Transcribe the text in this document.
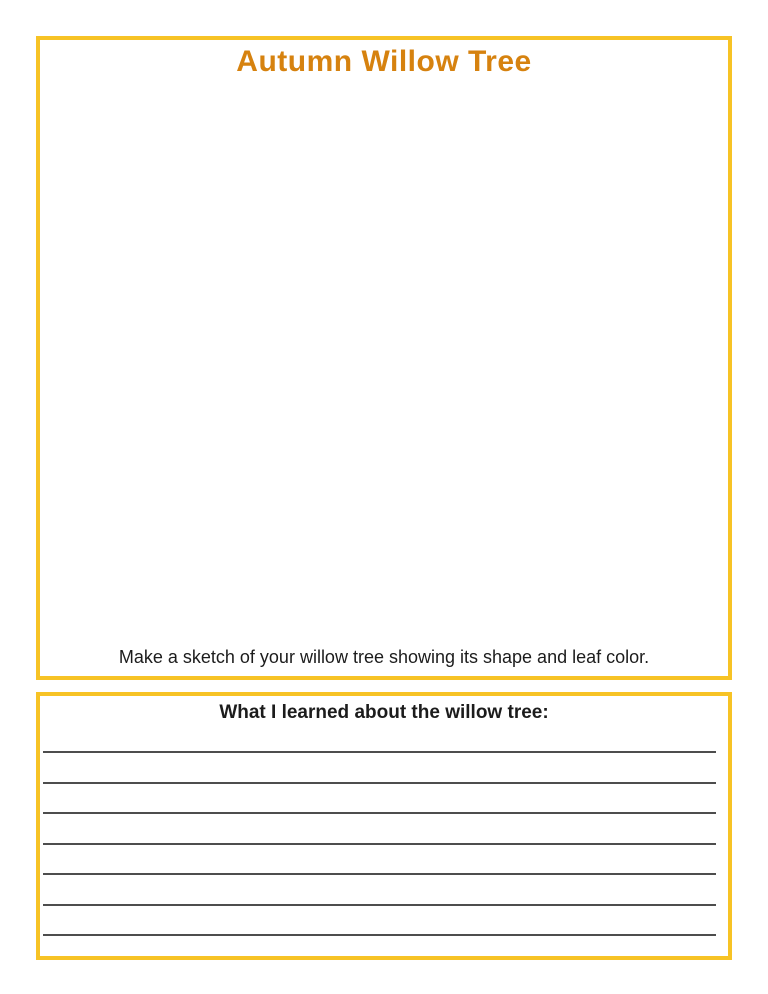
Autumn Willow Tree

Make a sketch of your willow tree showing its shape and leaf color.

What I learned about the willow tree:
